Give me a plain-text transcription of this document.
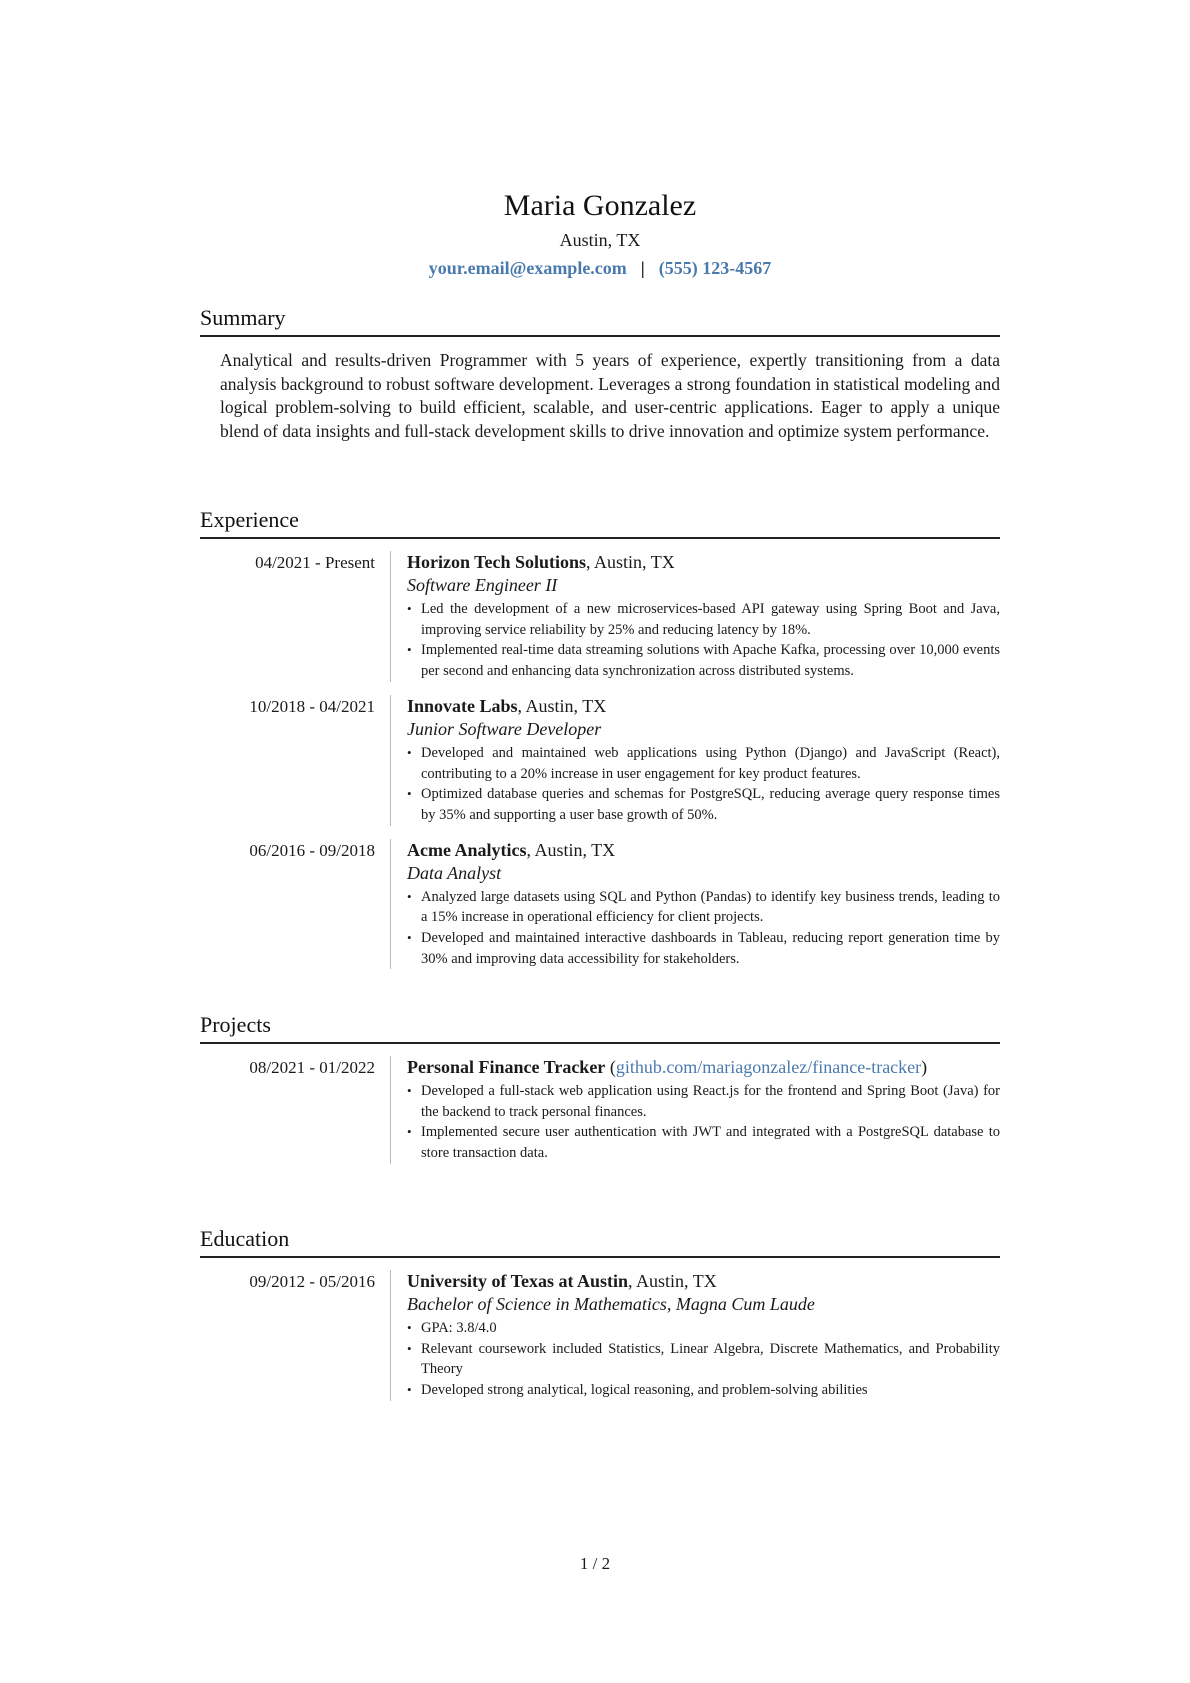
Maria Gonzalez
Austin, TX
your.email@example.com | (555) 123-4567
Summary

Analytical and results-driven Programmer with 5 years of experience, expertly transitioning from a data analysis background to robust software development. Leverages a strong foundation in statistical modeling and logical problem-solving to build efficient, scalable, and user-centric applications. Eager to apply a unique blend of data insights and full-stack development skills to drive innovation and optimize system performance.

Experience
04/2021 - Present	Horizon Tech Solutions, Austin, TX
Software Engineer II
• Led the development of a new microservices-based API gateway using Spring Boot and Java, improving service reliability by 25% and reducing latency by 18%.
• Implemented real-time data streaming solutions with Apache Kafka, processing over 10,000 events per second and enhancing data synchronization across distributed systems.
10/2018 - 04/2021	Innovate Labs, Austin, TX
Junior Software Developer
• Developed and maintained web applications using Python (Django) and JavaScript (React), contributing to a 20% increase in user engagement for key product features.
• Optimized database queries and schemas for PostgreSQL, reducing average query response times by 35% and supporting a user base growth of 50%.
06/2016 - 09/2018	Acme Analytics, Austin, TX
Data Analyst
• Analyzed large datasets using SQL and Python (Pandas) to identify key business trends, leading to a 15% increase in operational efficiency for client projects.
• Developed and maintained interactive dashboards in Tableau, reducing report generation time by 30% and improving data accessibility for stakeholders.
Projects
08/2021 - 01/2022	Personal Finance Tracker (github.com/mariagonzalez/finance-tracker)
• Developed a full-stack web application using React.js for the frontend and Spring Boot (Java) for the backend to track personal finances.
• Implemented secure user authentication with JWT and integrated with a PostgreSQL database to store transaction data.
Education
09/2012 - 05/2016	University of Texas at Austin, Austin, TX
Bachelor of Science in Mathematics, Magna Cum Laude
• GPA: 3.8/4.0
• Relevant coursework included Statistics, Linear Algebra, Discrete Mathematics, and Probability Theory
• Developed strong analytical, logical reasoning, and problem-solving abilities
1 / 2
